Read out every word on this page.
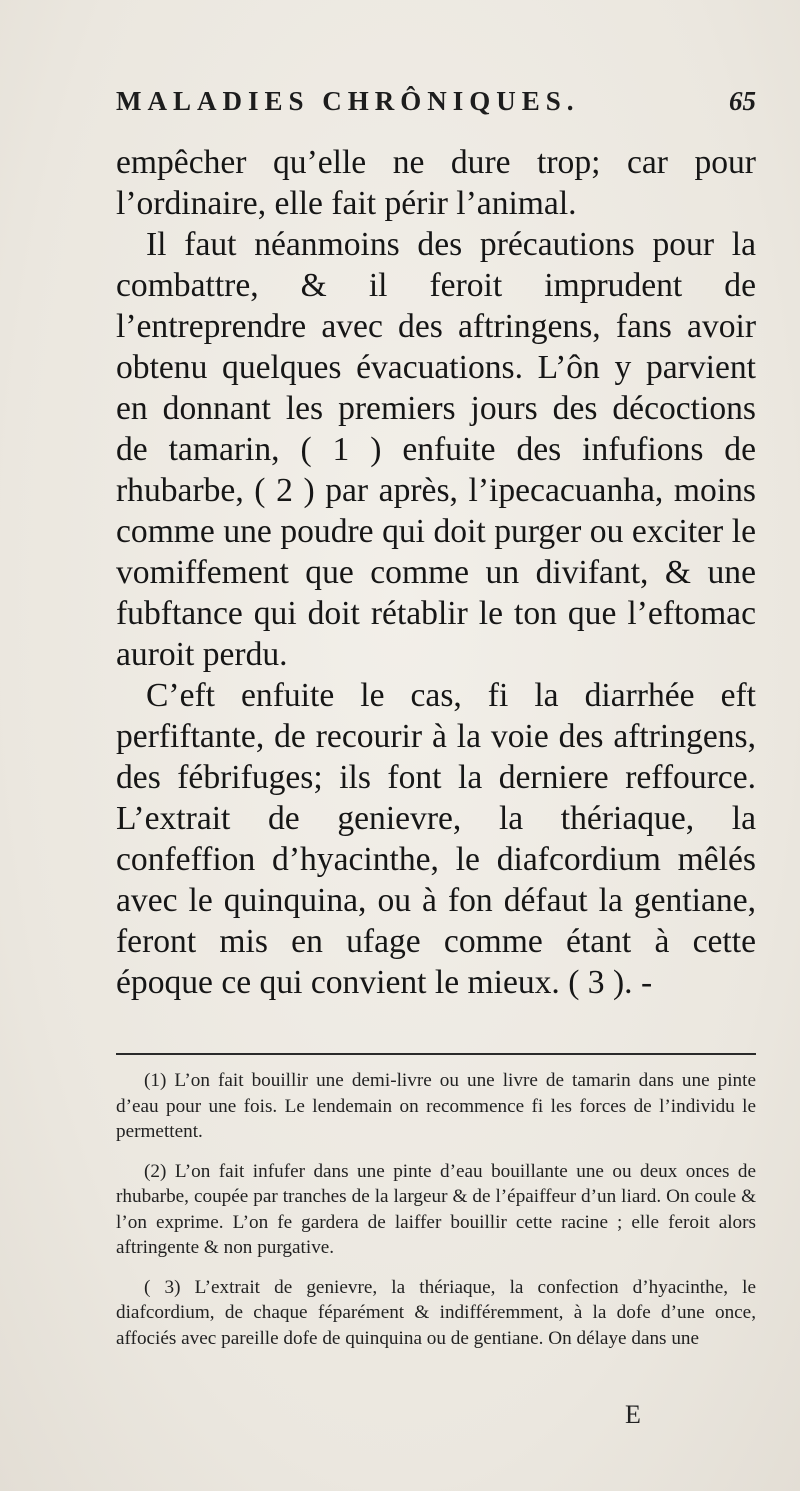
MALADIES CHRÔNIQUES.	65

empêcher qu’elle ne dure trop; car pour l’ordinaire, elle fait périr l’animal.

Il faut néanmoins des précautions pour la combattre, & il feroit imprudent de l’entreprendre avec des aftringens, fans avoir obtenu quelques évacuations. L’ôn y parvient en donnant les premiers jours des décoctions de tamarin, ( 1 ) enfuite des infufions de rhubarbe, ( 2 ) par après, l’ipecacuanha, moins comme une poudre qui doit purger ou exciter le vomiffement que comme un divifant, & une fubftance qui doit rétablir le ton que l’eftomac auroit perdu.

C’eft enfuite le cas, fi la diarrhée eft perfiftante, de recourir à la voie des aftringens, des fébrifuges; ils font la derniere reffource. L’extrait de genievre, la thériaque, la confeffion d’hyacinthe, le diafcordium mêlés avec le quinquina, ou à fon défaut la gentiane, feront mis en ufage comme étant à cette époque ce qui convient le mieux. ( 3 ). -

(1) L’on fait bouillir une demi-livre ou une livre de tamarin dans une pinte d’eau pour une fois. Le lendemain on recommence fi les forces de l’individu le permettent.

(2) L’on fait infufer dans une pinte d’eau bouillante une ou deux onces de rhubarbe, coupée par tranches de la largeur & de l’épaiffeur d’un liard. On coule & l’on exprime. L’on fe gardera de laiffer bouillir cette racine ; elle feroit alors aftringente & non purgative.

( 3) L’extrait de genievre, la thériaque, la confection d’hyacinthe, le diafcordium, de chaque féparément & indifféremment, à la dofe d’une once, affociés avec pareille dofe de quinquina ou de gentiane. On délaye dans une

E
